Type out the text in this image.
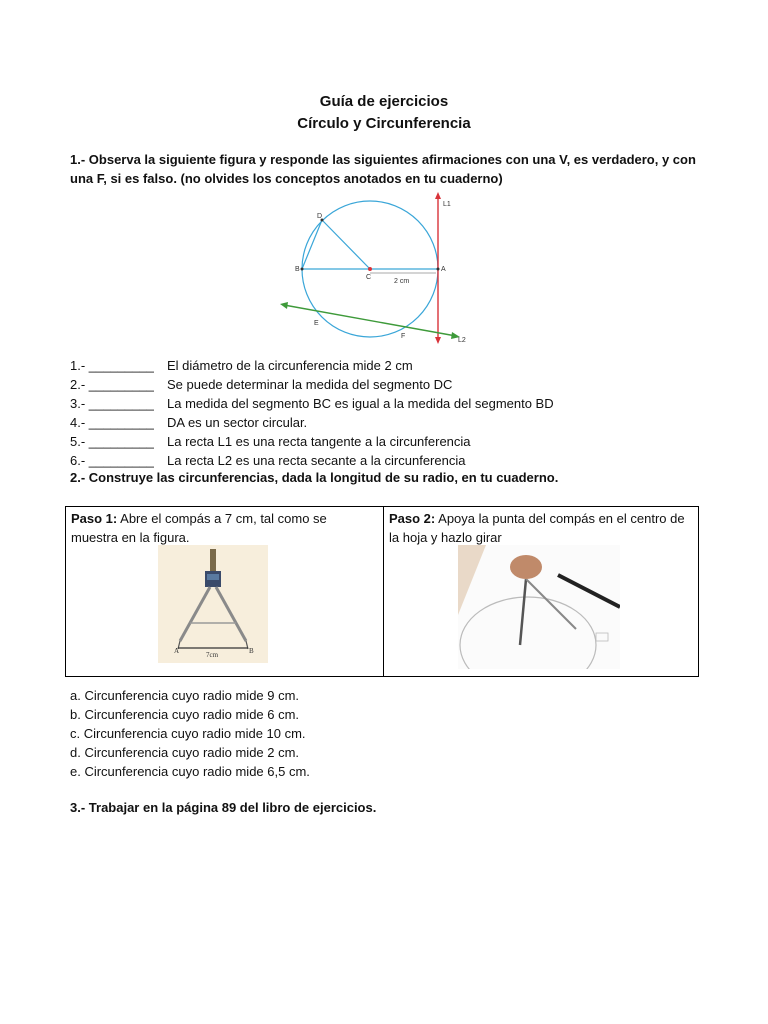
Guía de ejercicios
Círculo y Circunferencia
1.- Observa la siguiente figura y responde las siguientes afirmaciones con una V, es verdadero, y con una F, si es falso. (no olvides los conceptos anotados en tu cuaderno)
L1
D
B
C
A
2 cm
E
F
L2
1.- _________ El diámetro de la circunferencia mide 2 cm
2.- _________ Se puede determinar la medida del segmento DC
3.- _________ La medida del segmento BC es igual a la medida del segmento BD
4.- _________ DA es un sector circular.
5.- _________ La recta L1 es una recta tangente a la circunferencia
6.- _________ La recta L2 es una recta secante a la circunferencia
2.- Construye las circunferencias, dada la longitud de su radio, en tu cuaderno.
Paso 1: Abre el compás a 7 cm, tal como se muestra en la figura.
A	B
7cm
Paso 2: Apoya la punta del compás en el centro de la hoja y hazlo girar
a. Circunferencia cuyo radio mide 9 cm.
b. Circunferencia cuyo radio mide 6 cm.
c. Circunferencia cuyo radio mide 10 cm.
d. Circunferencia cuyo radio mide 2 cm.
e. Circunferencia cuyo radio mide 6,5 cm.
3.- Trabajar en la página 89 del libro de ejercicios.
